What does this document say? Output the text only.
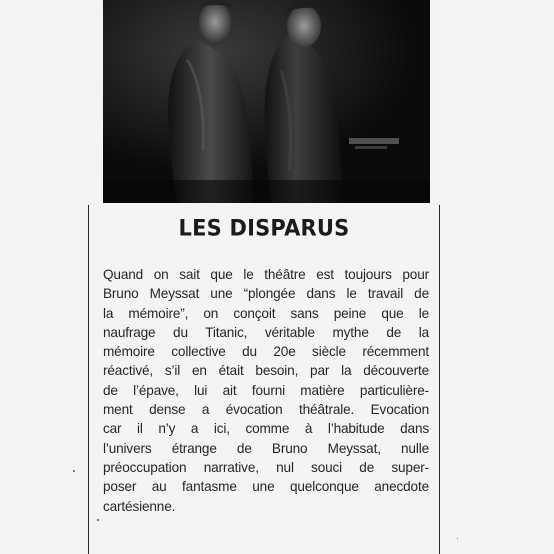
LES DISPARUS

Quand on sait que le théâtre est toujours pour
Bruno Meyssat une “plongée dans le travail de
la mémoire”, on conçoit sans peine que le
naufrage du Titanic, véritable mythe de la
mémoire collective du 20e siècle récemment
réactivé, s’il en était besoin, par la découverte
de l’épave, lui ait fourni matière particulière-
ment dense a évocation théâtrale. Evocation
car il n’y a ici, comme à l’habitude dans
l’univers étrange de Bruno Meyssat, nulle
préoccupation narrative, nul souci de super-
poser au fantasme une quelconque anecdote
cartésienne.
